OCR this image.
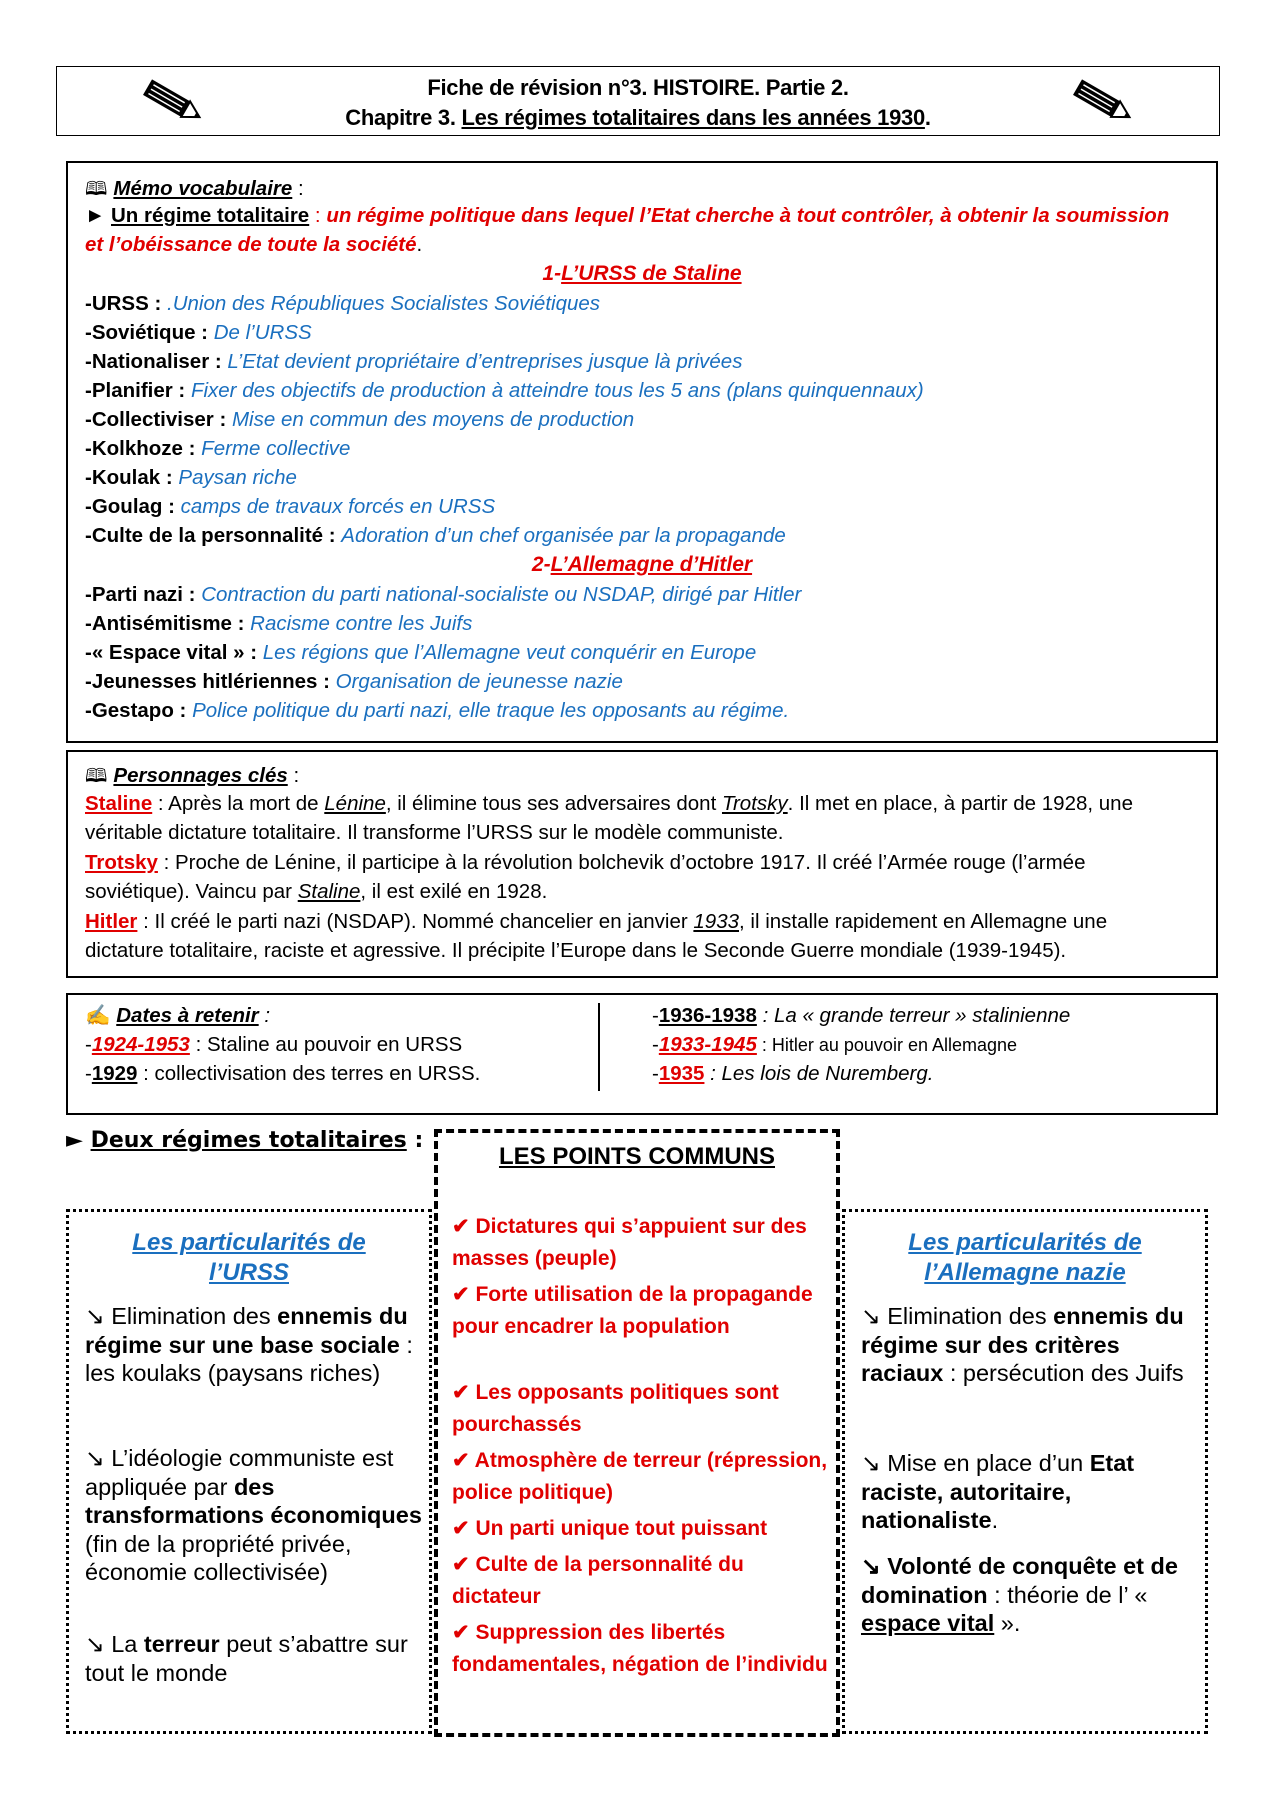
Fiche de révision n°3. HISTOIRE. Partie 2.
Chapitre 3. Les régimes totalitaires dans les années 1930.
🕮 Mémo vocabulaire :
► Un régime totalitaire : un régime politique dans lequel l’Etat cherche à tout contrôler, à obtenir la soumission
et l’obéissance de toute la société.
1-L’URSS de Staline
-URSS : .Union des Républiques Socialistes Soviétiques
-Soviétique : De l’URSS
-Nationaliser : L’Etat devient propriétaire d’entreprises jusque là privées
-Planifier : Fixer des objectifs de production à atteindre tous les 5 ans (plans quinquennaux)
-Collectiviser : Mise en commun des moyens de production
-Kolkhoze : Ferme collective
-Koulak : Paysan riche
-Goulag : camps de travaux forcés en URSS
-Culte de la personnalité : Adoration d’un chef organisée par la propagande
2-L’Allemagne d’Hitler
-Parti nazi : Contraction du parti national-socialiste ou NSDAP, dirigé par Hitler
-Antisémitisme : Racisme contre les Juifs
-« Espace vital » : Les régions que l’Allemagne veut conquérir en Europe
-Jeunesses hitlériennes : Organisation de jeunesse nazie
-Gestapo : Police politique du parti nazi, elle traque les opposants au régime.
🕮 Personnages clés :
Staline : Après la mort de Lénine, il élimine tous ses adversaires dont Trotsky. Il met en place, à partir de 1928, une
véritable dictature totalitaire. Il transforme l’URSS sur le modèle communiste.
Trotsky : Proche de Lénine, il participe à la révolution bolchevik d’octobre 1917. Il créé l’Armée rouge (l’armée
soviétique). Vaincu par Staline, il est exilé en 1928.
Hitler : Il créé le parti nazi (NSDAP). Nommé chancelier en janvier 1933, il installe rapidement en Allemagne une
dictature totalitaire, raciste et agressive. Il précipite l’Europe dans le Seconde Guerre mondiale (1939-1945).
✍ Dates à retenir :
-1924-1953 : Staline au pouvoir en URSS
-1929 : collectivisation des terres en URSS.
-1936-1938 : La « grande terreur » stalinienne
-1933-1945 : Hitler au pouvoir en Allemagne
-1935 : Les lois de Nuremberg.
► Deux régimes totalitaires :
Les particularités de
l’URSS
↘ Elimination des ennemis du régime sur une base sociale : les koulaks (paysans riches)
↘ L’idéologie communiste est appliquée par des transformations économiques (fin de la propriété privée, économie collectivisée)
↘ La terreur peut s’abattre sur tout le monde
LES POINTS COMMUNS
✔ Dictatures qui s’appuient sur des masses (peuple)
✔ Forte utilisation de la propagande pour encadrer la population
✔ Les opposants politiques sont pourchassés
✔ Atmosphère de terreur (répression, police politique)
✔ Un parti unique tout puissant
✔ Culte de la personnalité du dictateur
✔ Suppression des libertés fondamentales, négation de l’individu
Les particularités de
l’Allemagne nazie
↘ Elimination des ennemis du régime sur des critères raciaux : persécution des Juifs
↘ Mise en place d’un Etat raciste, autoritaire, nationaliste.
↘ Volonté de conquête et de domination : théorie de l’ « espace vital ».
